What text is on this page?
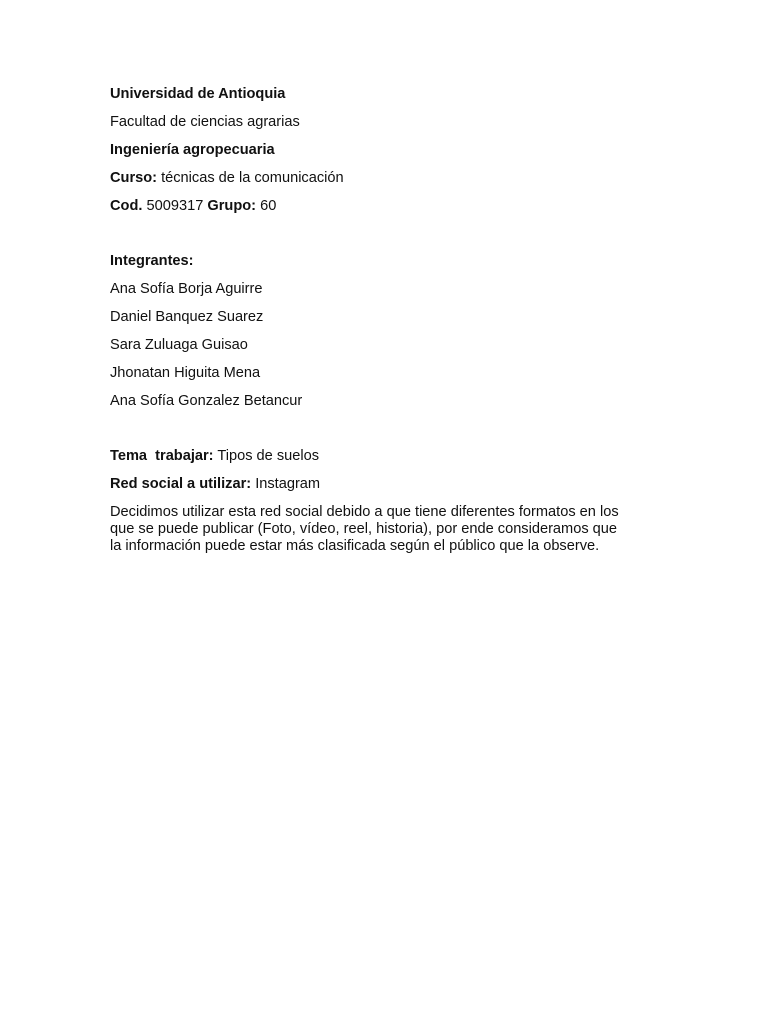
Universidad de Antioquia
Facultad de ciencias agrarias
Ingeniería agropecuaria
Curso: técnicas de la comunicación
Cod. 5009317 Grupo: 60
Integrantes:
Ana Sofía Borja Aguirre
Daniel Banquez Suarez
Sara Zuluaga Guisao
Jhonatan Higuita Mena
Ana Sofía Gonzalez Betancur
Tema  trabajar: Tipos de suelos
Red social a utilizar: Instagram

Decidimos utilizar esta red social debido a que tiene diferentes formatos en los
que se puede publicar (Foto, vídeo, reel, historia), por ende consideramos que
la información puede estar más clasificada según el público que la observe.
